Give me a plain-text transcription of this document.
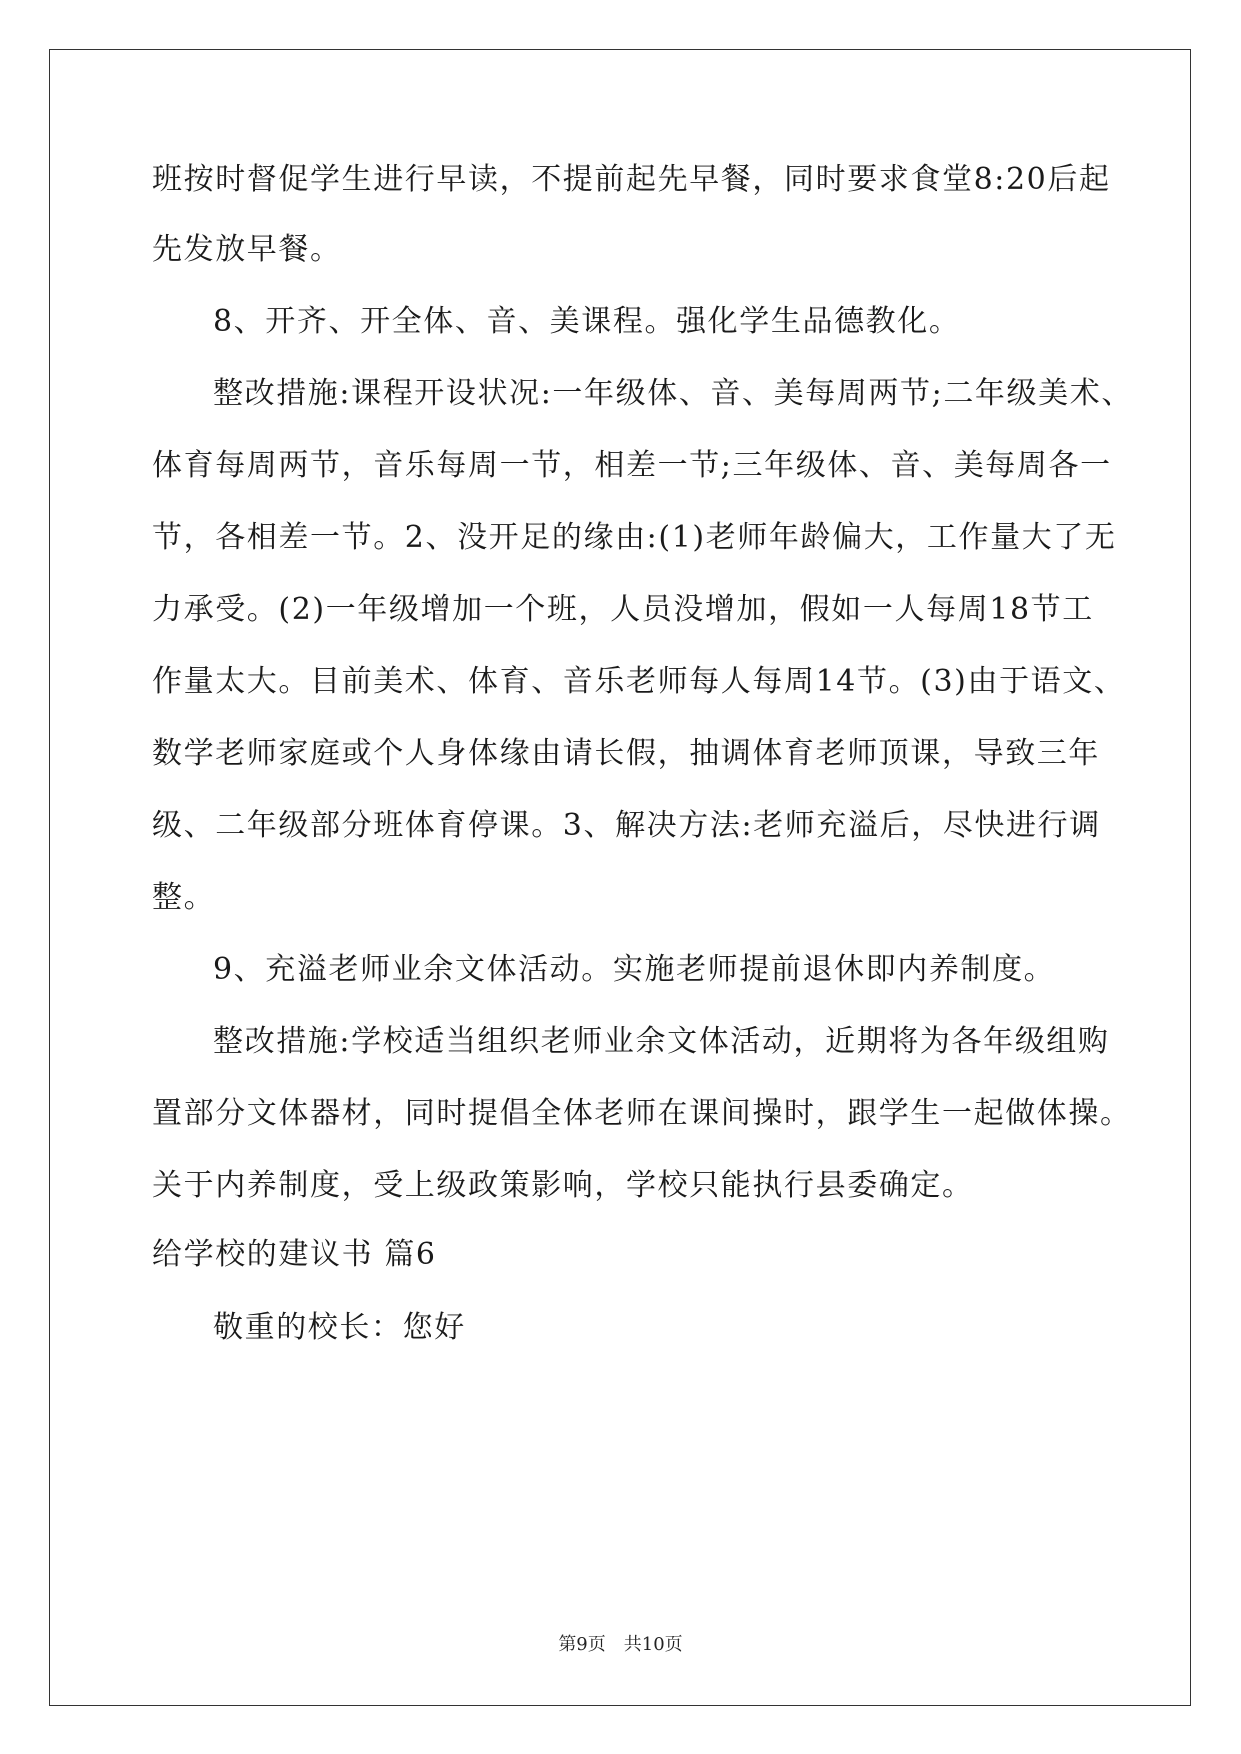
班按时督促学生进行早读，不提前起先早餐，同时要求食堂8:20后起
先发放早餐。
8、开齐、开全体、音、美课程。强化学生品德教化。
整改措施:课程开设状况:一年级体、音、美每周两节;二年级美术、
体育每周两节，音乐每周一节，相差一节;三年级体、音、美每周各一
节，各相差一节。2、没开足的缘由:(1)老师年龄偏大，工作量大了无
力承受。(2)一年级增加一个班，人员没增加，假如一人每周18节工
作量太大。目前美术、体育、音乐老师每人每周14节。(3)由于语文、
数学老师家庭或个人身体缘由请长假，抽调体育老师顶课，导致三年
级、二年级部分班体育停课。3、解决方法:老师充溢后，尽快进行调
整。
9、充溢老师业余文体活动。实施老师提前退休即内养制度。
整改措施:学校适当组织老师业余文体活动，近期将为各年级组购
置部分文体器材，同时提倡全体老师在课间操时，跟学生一起做体操。
关于内养制度，受上级政策影响，学校只能执行县委确定。
给学校的建议书 篇6
敬重的校长：您好
第9页　共10页
